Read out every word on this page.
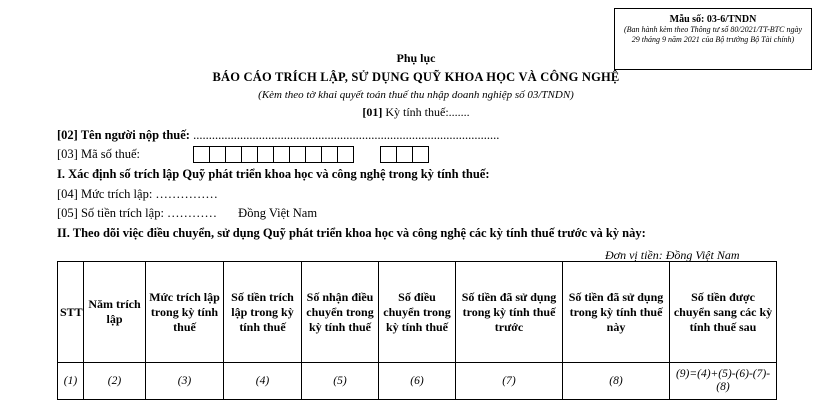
Mẫu số: 03-6/TNDN
(Ban hành kèm theo Thông tư số 80/2021/TT-BTC ngày 29 tháng 9 năm 2021 của Bộ trưởng Bộ Tài chính)
Phụ lục
BÁO CÁO TRÍCH LẬP, SỬ DỤNG QUỸ KHOA HỌC VÀ CÔNG NGHỆ
(Kèm theo tờ khai quyết toán thuế thu nhập doanh nghiệp số 03/TNDN)
[01] Kỳ tính thuế:.......
[02] Tên người nộp thuế: ..................................................................................................
[03] Mã số thuế:
I. Xác định số trích lập Quỹ phát triển khoa học và công nghệ trong kỳ tính thuế:
[04] Mức trích lập: ……………
[05] Số tiền trích lập: ………… Đồng Việt Nam
II. Theo dõi việc điều chuyển, sử dụng Quỹ phát triển khoa học và công nghệ các kỳ tính thuế trước và kỳ này:
Đơn vị tiền: Đồng Việt Nam
STT	Năm trích lập	Mức trích lập trong kỳ tính thuế	Số tiền trích lập trong kỳ tính thuế	Số nhận điều chuyển trong kỳ tính thuế	Số điều chuyển trong kỳ tính thuế	Số tiền đã sử dụng trong kỳ tính thuế trước	Số tiền đã sử dụng trong kỳ tính thuế này	Số tiền được chuyển sang các kỳ tính thuế sau
(1)	(2)	(3)	(4)	(5)	(6)	(7)	(8)	(9)=(4)+(5)-(6)-(7)-(8)
